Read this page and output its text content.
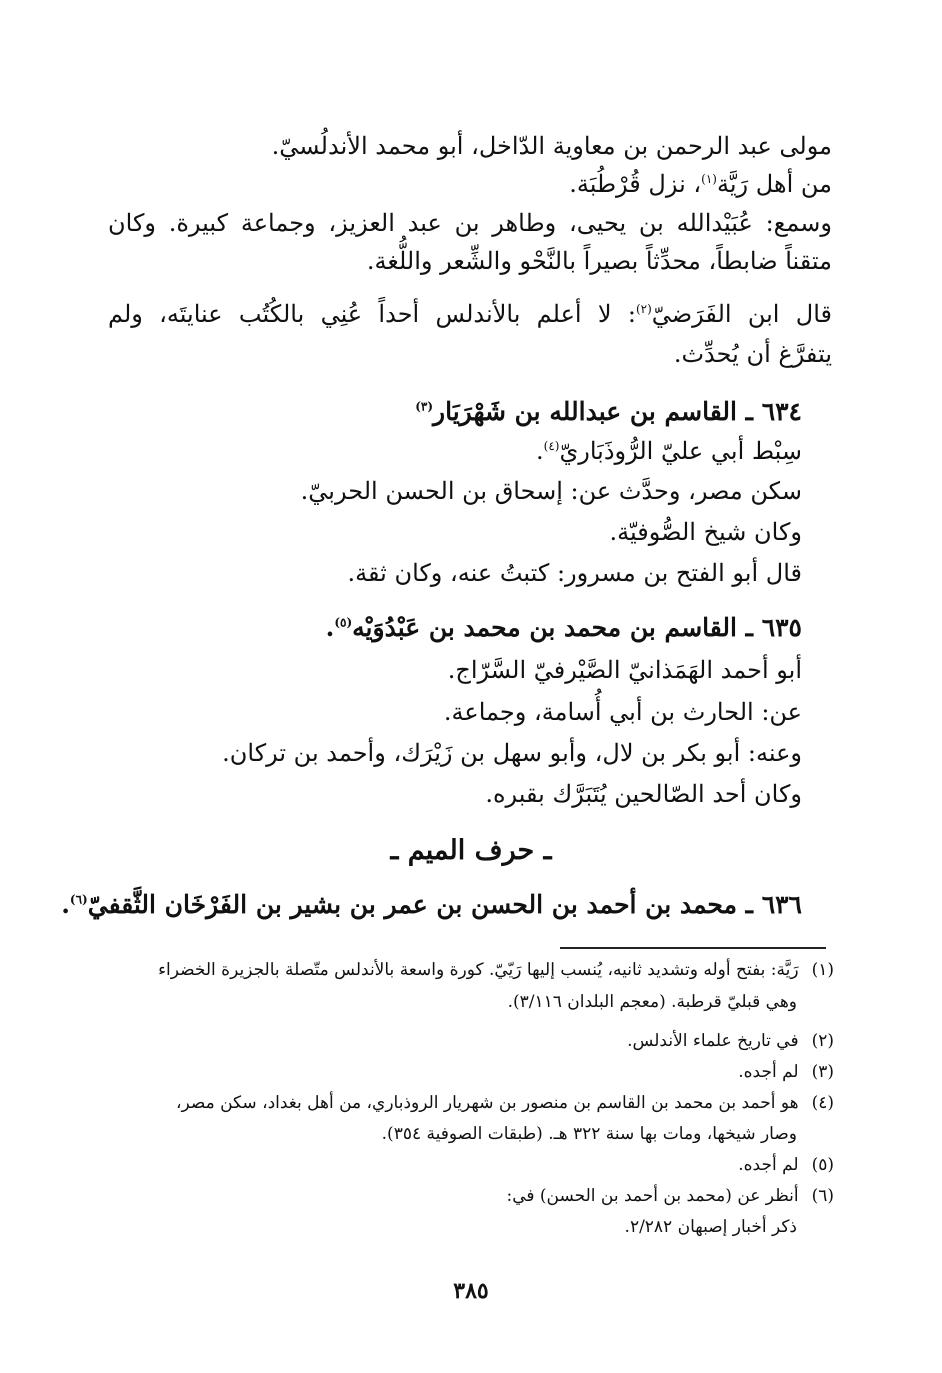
مولى عبد الرحمن بن معاوية الدّاخل، أبو محمد الأندلُسيّ.
من أهل رَيَّة$^{(١)}$، نزل قُرْطُبَة.
وسمع: عُبَيْدالله بن يحيى، وطاهر بن عبد العزيز، وجماعة كبيرة. وكان
متقناً ضابطاً، محدِّثاً بصيراً بالنَّحْو والشِّعر واللُّغة.
قال ابن الفَرَضيّ$^{(٢)}$: لا أعلم بالأندلس أحداً عُنِي بالكُتُب عنايتَه، ولم
يتفرَّغ أن يُحدِّث.
٦٣٤ ـ القاسم بن عبدالله بن شَهْرَيَار$^{(٣)}$
سِبْط أبي عليّ الرُّوذَبَاريّ$^{(٤)}$.
سكن مصر، وحدَّث عن: إسحاق بن الحسن الحربيّ.
وكان شيخ الصُّوفيّة.
قال أبو الفتح بن مسرور: كتبتُ عنه، وكان ثقة.
٦٣٥ ـ القاسم بن محمد بن محمد بن عَبْدُوَيْه$^{(٥)}$.
أبو أحمد الهَمَذانيّ الصَّيْرفيّ السَّرّاج.
عن: الحارث بن أبي أُسامة، وجماعة.
وعنه: أبو بكر بن لال، وأبو سهل بن زَيْرَك، وأحمد بن تركان.
وكان أحد الصّالحين يُتَبَرَّك بقبره.
ـ حرف الميم ـ
٦٣٦ ـ محمد بن أحمد بن الحسن بن عمر بن بشير بن الفَرْخَان الثَّقفيّ$^{(٦)}$.
(١) رَيَّة: بفتح أوله وتشديد ثانيه، يُنسب إليها رَيّيّ. كورة واسعة بالأندلس متّصلة بالجزيرة الخضراء
وهي قبليّ قرطبة. (معجم البلدان ٣/١١٦).
(٢) في تاريخ علماء الأندلس.
(٣) لم أجده.
(٤) هو أحمد بن محمد بن القاسم بن منصور بن شهريار الروذباري، من أهل بغداد، سكن مصر،
وصار شيخها، ومات بها سنة ٣٢٢ هـ. (طبقات الصوفية ٣٥٤).
(٥) لم أجده.
(٦) أنظر عن (محمد بن أحمد بن الحسن) في:
ذكر أخبار إصبهان ٢/٢٨٢.
٣٨٥
